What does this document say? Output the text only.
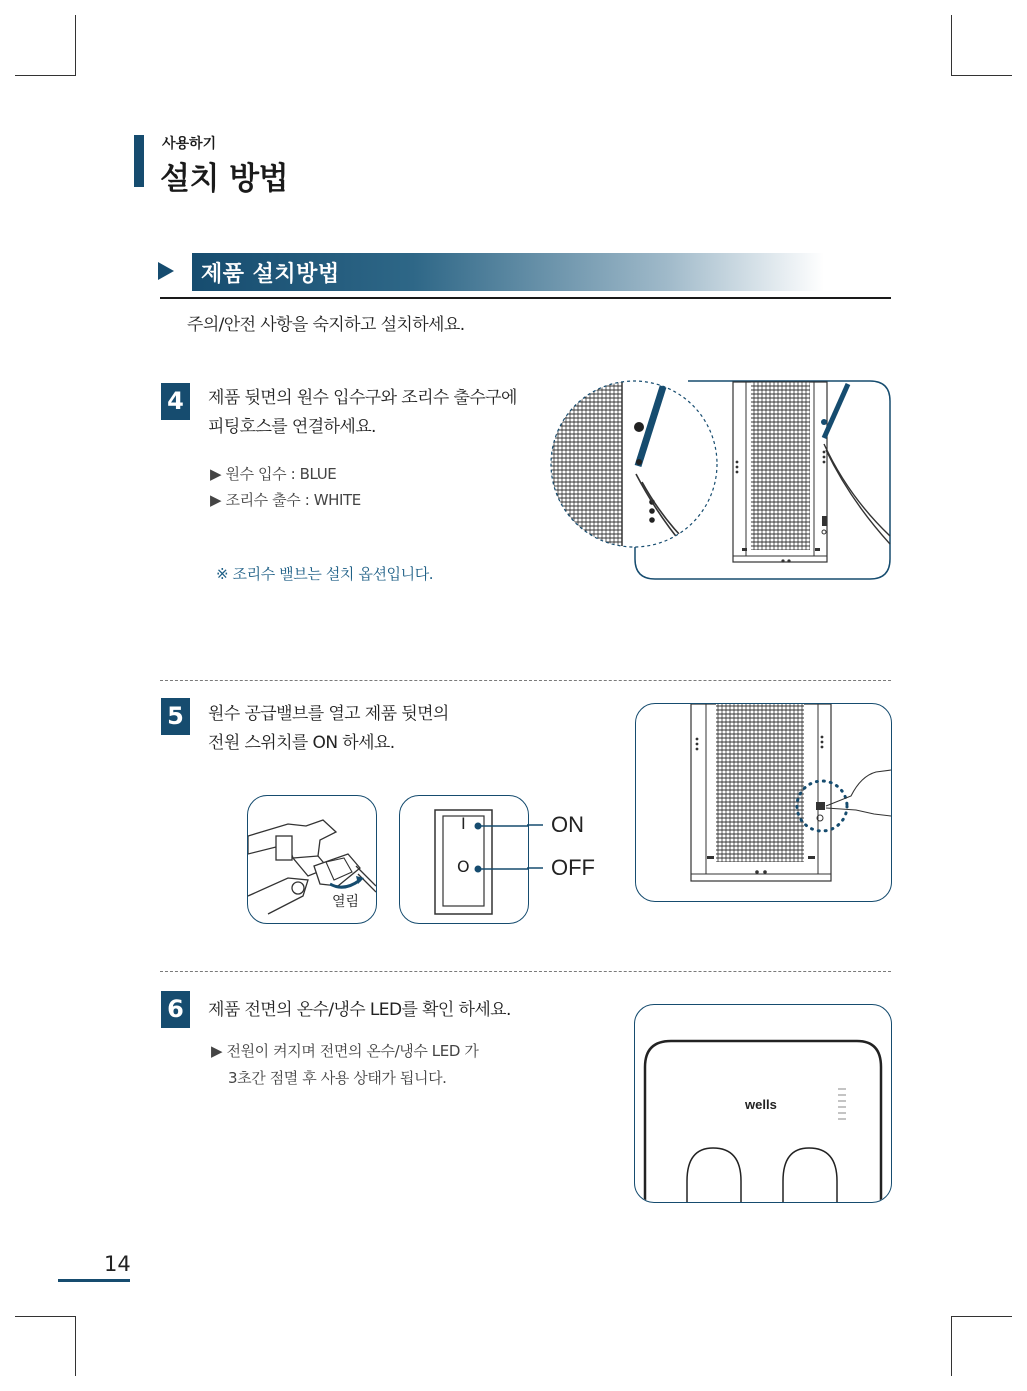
사용하기
설치 방법
제품 설치방법
주의/안전 사항을 숙지하고 설치하세요.
4	제품 뒷면의 원수 입수구와 조리수 출수구에
피팅호스를 연결하세요.
▶ 원수 입수 : BLUE
▶ 조리수 출수 : WHITE
※ 조리수 밸브는 설치 옵션입니다.
5	원수 공급밸브를 열고 제품 뒷면의
전원 스위치를 ON 하세요.
열림
I
O
ON
OFF
6	제품 전면의 온수/냉수 LED를 확인 하세요.
▶ 전원이 켜지며 전면의 온수/냉수 LED 가
3초간 점멸 후 사용 상태가 됩니다.
wells
14
